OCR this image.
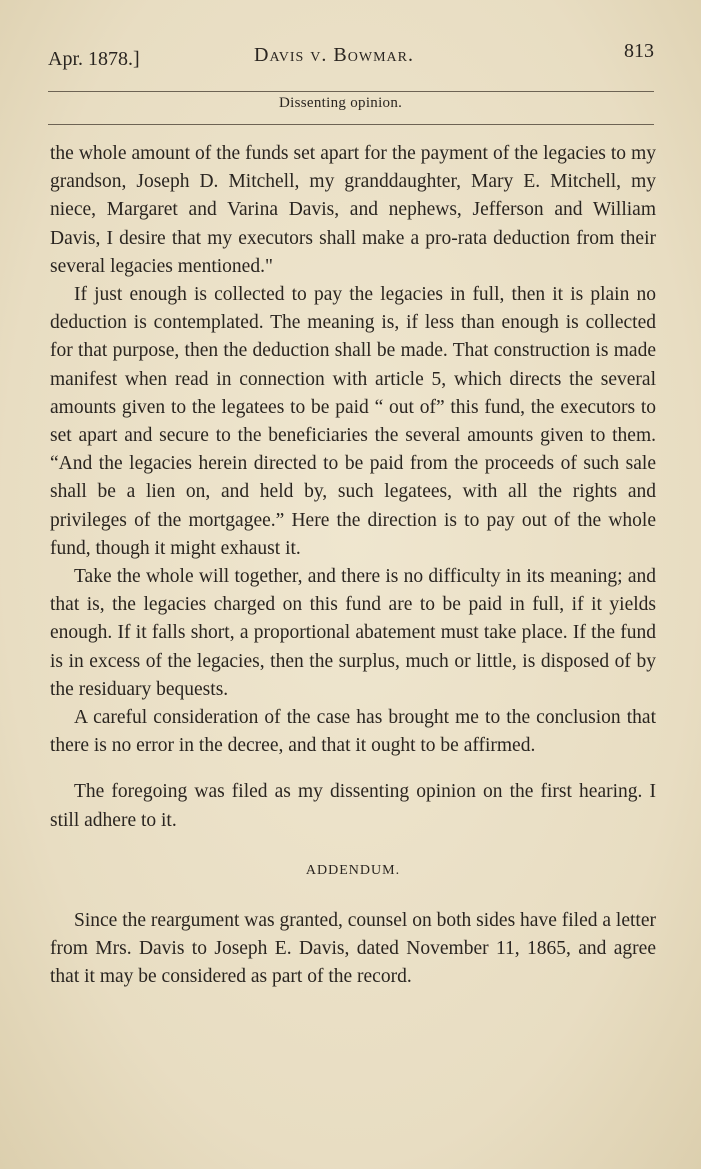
Apr. 1878.]	Davis v. Bowmar.	813
Dissenting opinion.

the whole amount of the funds set apart for the payment of the legacies to my grandson, Joseph D. Mitchell, my granddaughter, Mary E. Mitchell, my niece, Margaret and Varina Davis, and nephews, Jefferson and William Davis, I desire that my executors shall make a pro-rata deduction from their several legacies mentioned."

If just enough is collected to pay the legacies in full, then it is plain no deduction is contemplated. The meaning is, if less than enough is collected for that purpose, then the deduction shall be made. That construction is made manifest when read in connection with article 5, which directs the several amounts given to the legatees to be paid “ out of” this fund, the executors to set apart and secure to the beneficiaries the several amounts given to them. “And the legacies herein directed to be paid from the proceeds of such sale shall be a lien on, and held by, such legatees, with all the rights and privileges of the mortgagee.” Here the direction is to pay out of the whole fund, though it might exhaust it.

Take the whole will together, and there is no difficulty in its meaning; and that is, the legacies charged on this fund are to be paid in full, if it yields enough. If it falls short, a proportional abatement must take place. If the fund is in excess of the legacies, then the surplus, much or little, is disposed of by the residuary bequests.

A careful consideration of the case has brought me to the conclusion that there is no error in the decree, and that it ought to be affirmed.

The foregoing was filed as my dissenting opinion on the first hearing. I still adhere to it.

ADDENDUM.

Since the reargument was granted, counsel on both sides have filed a letter from Mrs. Davis to Joseph E. Davis, dated November 11, 1865, and agree that it may be considered as part of the record.
